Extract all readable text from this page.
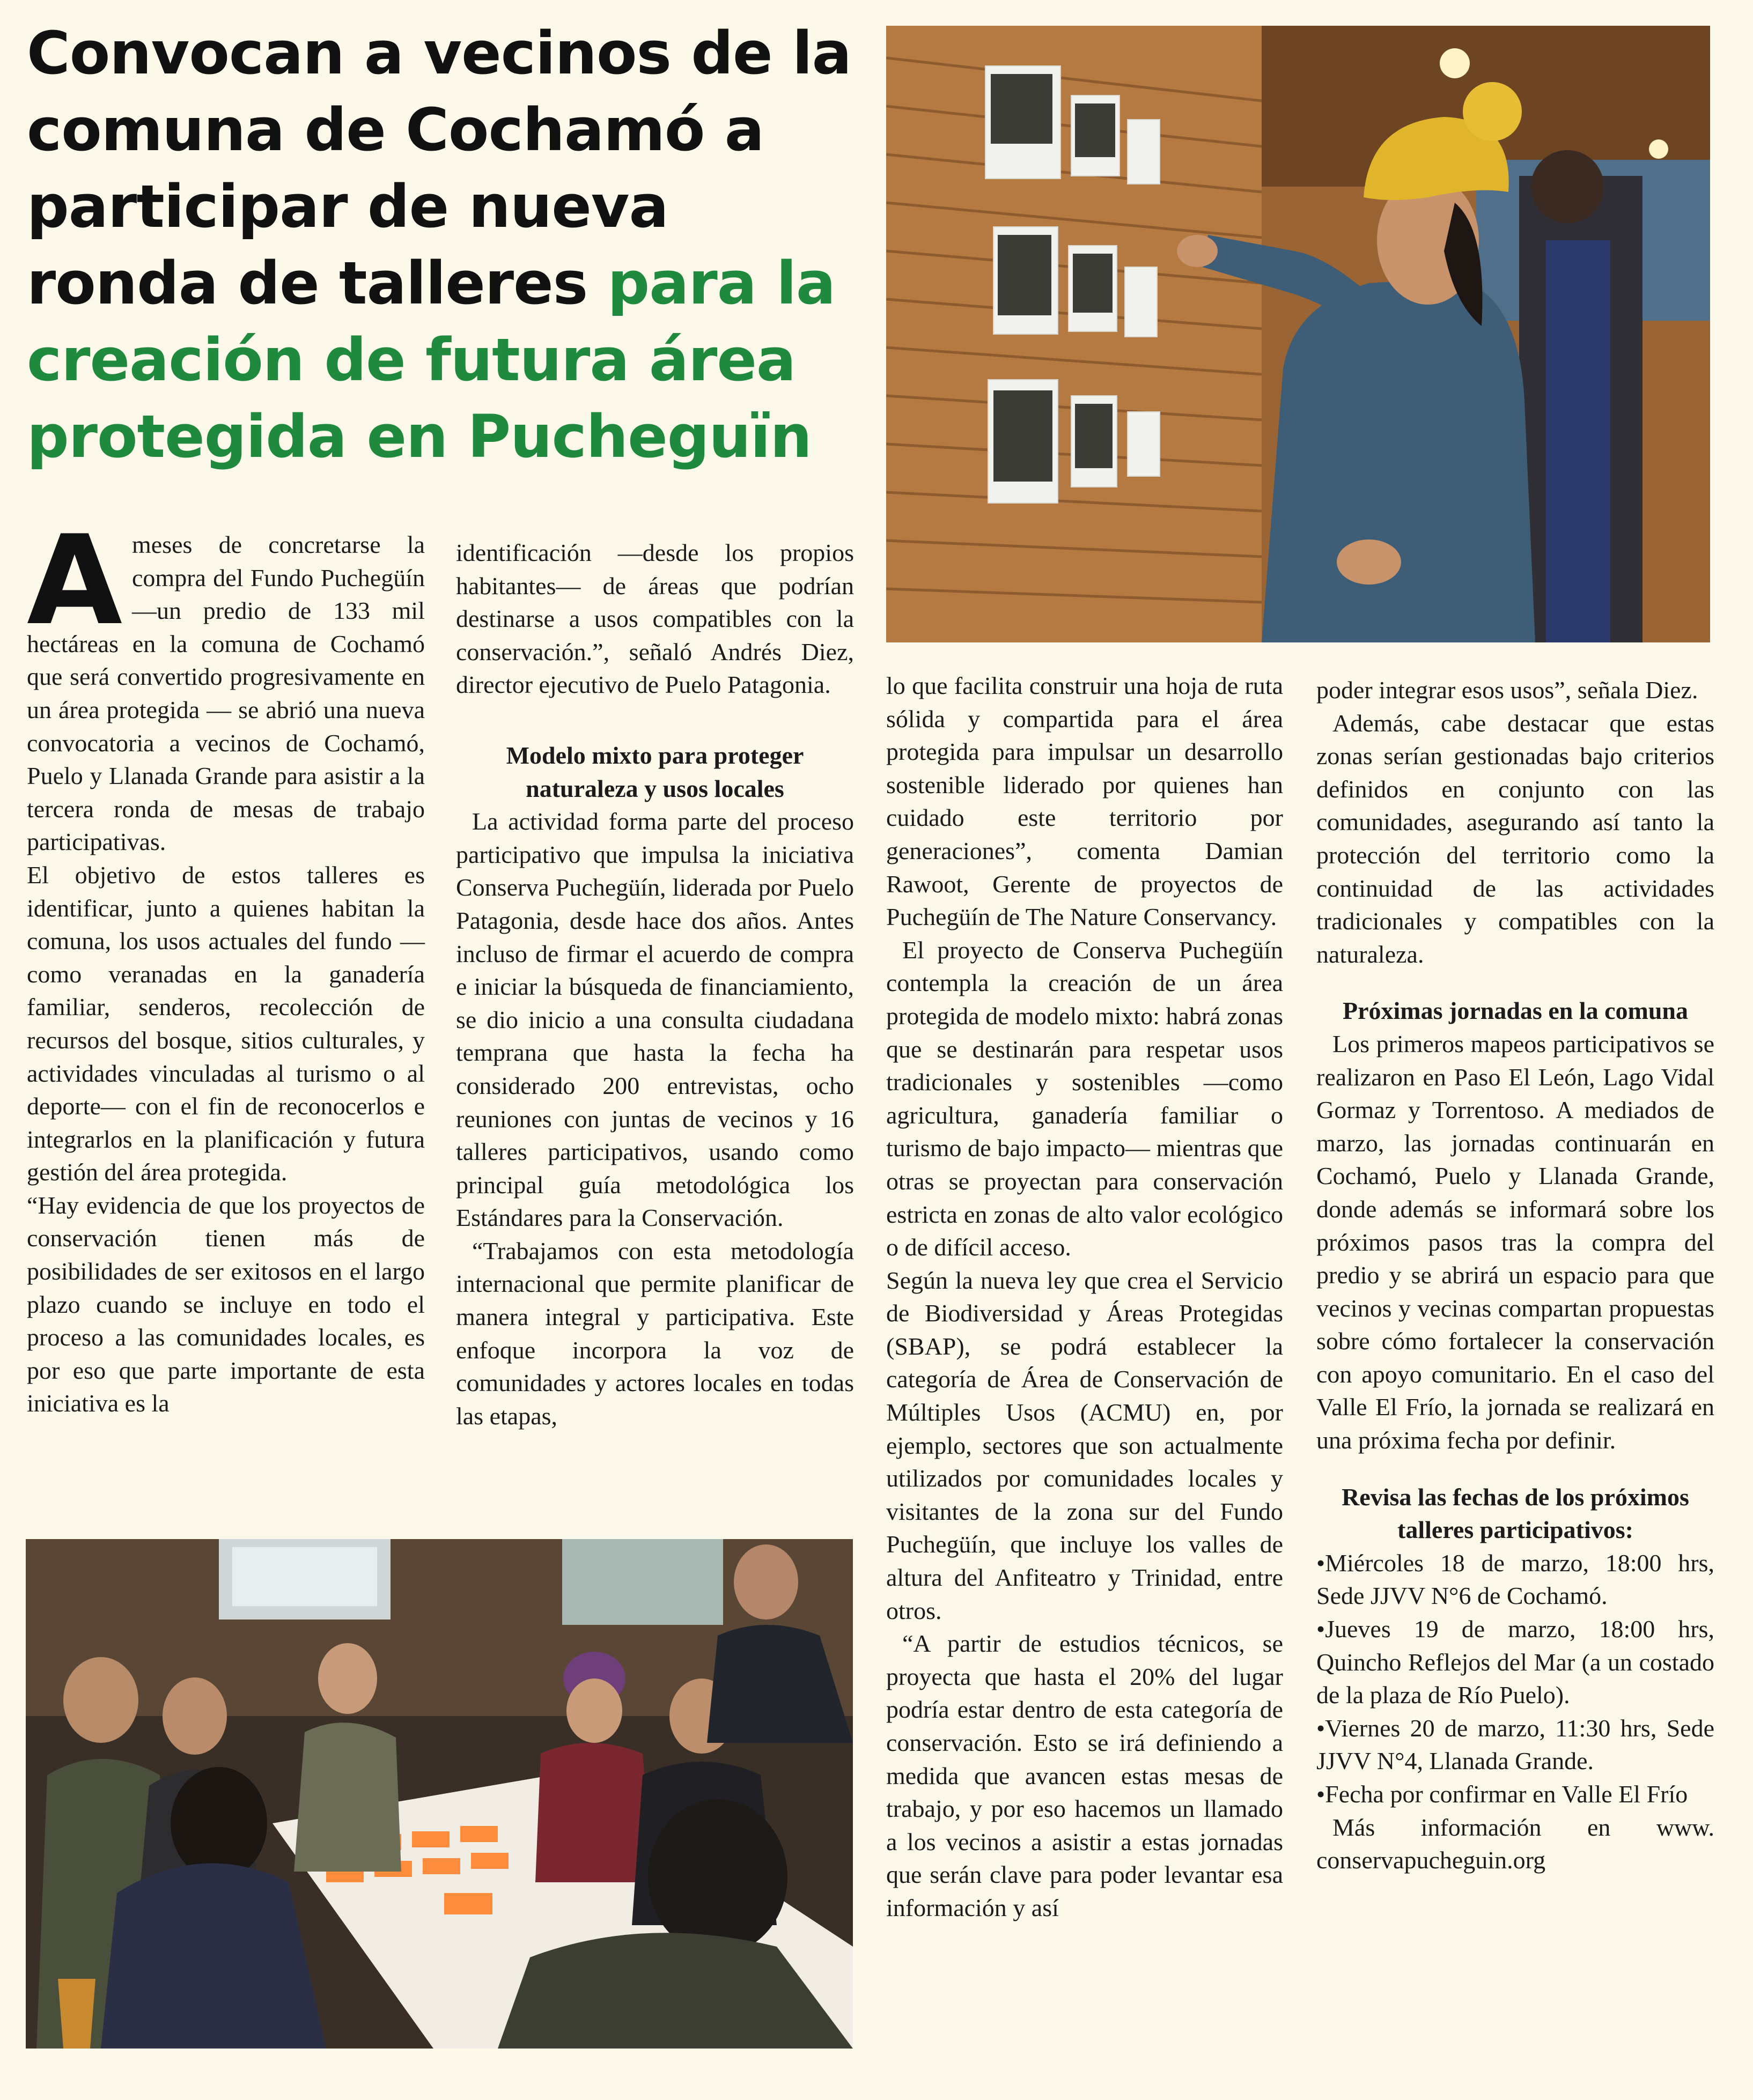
Convocan a vecinos de la comuna de Cochamó a participar de nueva ronda de talleres para la creación de futura área protegida en Pucheguïn
A meses de concretarse la compra del Fundo Puchegüín —un predio de 133 mil hectáreas en la comuna de Cochamó que será convertido progresivamente en un área protegida — se abrió una nueva convocatoria a vecinos de Cochamó, Puelo y Llanada Grande para asistir a la tercera ronda de mesas de trabajo participativas.

El objetivo de estos talleres es identificar, junto a quienes habitan la comuna, los usos actuales del fundo —como veranadas en la ganadería familiar, senderos, recolección de recursos del bosque, sitios culturales, y actividades vinculadas al turismo o al deporte— con el fin de reconocerlos e integrarlos en la planificación y futura gestión del área protegida.

“Hay evidencia de que los proyectos de conservación tienen más de posibilidades de ser exitosos en el largo plazo cuando se incluye en todo el proceso a las comunidades locales, es por eso que parte importante de esta iniciativa es la

identificación —desde los propios habitantes— de áreas que podrían destinarse a usos compatibles con la conservación.”, señaló Andrés Diez, director ejecutivo de Puelo Patagonia.

Modelo mixto para proteger naturaleza y usos locales

La actividad forma parte del proceso participativo que impulsa la iniciativa Conserva Puchegüín, liderada por Puelo Patagonia, desde hace dos años. Antes incluso de firmar el acuerdo de compra e iniciar la búsqueda de financiamiento, se dio inicio a una consulta ciudadana temprana que hasta la fecha ha considerado 200 entrevistas, ocho reuniones con juntas de vecinos y 16 talleres participativos, usando como principal guía metodológica los Estándares para la Conservación.

“Trabajamos con esta metodología internacional que permite planificar de manera integral y participativa. Este enfoque incorpora la voz de comunidades y actores locales en todas las etapas,

lo que facilita construir una hoja de ruta sólida y compartida para el área protegida para impulsar un desarrollo sostenible liderado por quienes han cuidado este territorio por generaciones”, comenta Damian Rawoot, Gerente de proyectos de Puchegüín de The Nature Conservancy.

El proyecto de Conserva Puchegüín contempla la creación de un área protegida de modelo mixto: habrá zonas que se destinarán para respetar usos tradicionales y sostenibles —como agricultura, ganadería familiar o turismo de bajo impacto— mientras que otras se proyectan para conservación estricta en zonas de alto valor ecológico o de difícil acceso.

Según la nueva ley que crea el Servicio de Biodiversidad y Áreas Protegidas (SBAP), se podrá establecer la categoría de Área de Conservación de Múltiples Usos (ACMU) en, por ejemplo, sectores que son actualmente utilizados por comunidades locales y visitantes de la zona sur del Fundo Puchegüín, que incluye los valles de altura del Anfiteatro y Trinidad, entre otros.

“A partir de estudios técnicos, se proyecta que hasta el 20% del lugar podría estar dentro de esta categoría de conservación. Esto se irá definiendo a medida que avancen estas mesas de trabajo, y por eso hacemos un llamado a los vecinos a asistir a estas jornadas que serán clave para poder levantar esa información y así

poder integrar esos usos”, señala Diez.

Además, cabe destacar que estas zonas serían gestionadas bajo criterios definidos en conjunto con las comunidades, asegurando así tanto la protección del territorio como la continuidad de las actividades tradicionales y compatibles con la naturaleza.

Próximas jornadas en la comuna

Los primeros mapeos participativos se realizaron en Paso El León, Lago Vidal Gormaz y Torrentoso. A mediados de marzo, las jornadas continuarán en Cochamó, Puelo y Llanada Grande, donde además se informará sobre los próximos pasos tras la compra del predio y se abrirá un espacio para que vecinos y vecinas compartan propuestas sobre cómo fortalecer la conservación con apoyo comunitario. En el caso del Valle El Frío, la jornada se realizará en una próxima fecha por definir.

Revisa las fechas de los próximos talleres participativos:

•Miércoles 18 de marzo, 18:00 hrs, Sede JJVV N°6 de Cochamó.

•Jueves 19 de marzo, 18:00 hrs, Quincho Reflejos del Mar (a un costado de la plaza de Río Puelo).

•Viernes 20 de marzo, 11:30 hrs, Sede JJVV N°4, Llanada Grande.

•Fecha por confirmar en Valle El Frío

Más información en www. conservapucheguin.org
